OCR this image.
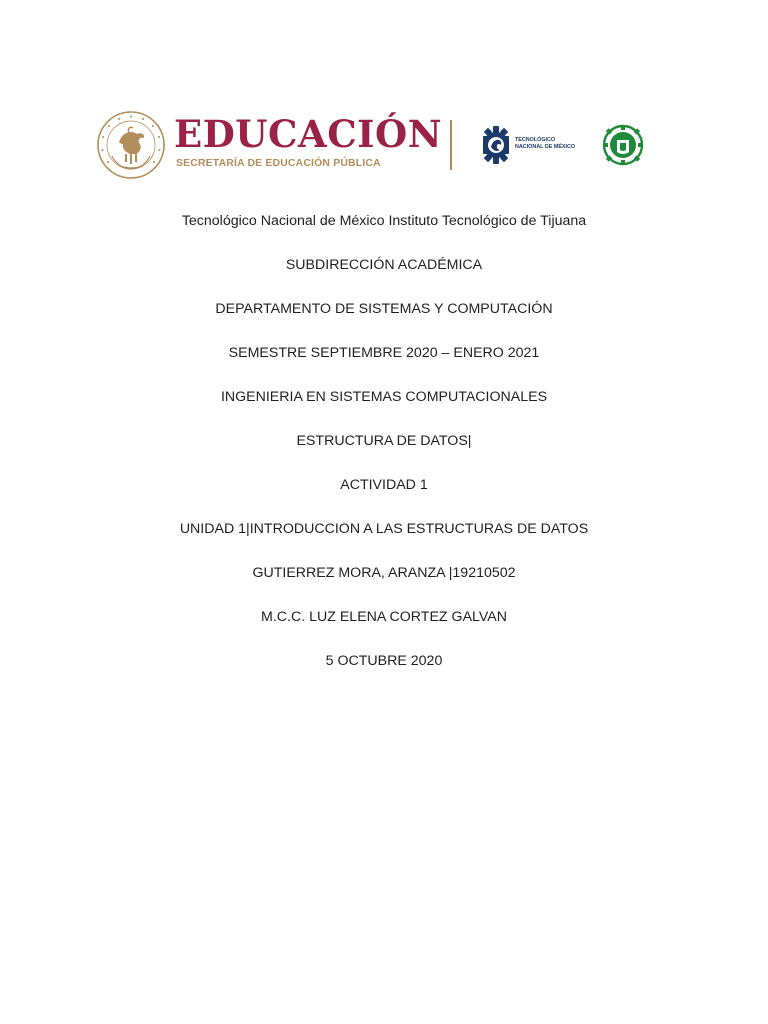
EDUCACIÓN
SECRETARÍA DE EDUCACIÓN PÚBLICA
TECNOLÓGICO
NACIONAL DE MÉXICO
Tecnológico Nacional de México Instituto Tecnológico de Tijuana
SUBDIRECCIÓN ACADÉMICA
DEPARTAMENTO DE SISTEMAS Y COMPUTACIÓN
SEMESTRE SEPTIEMBRE 2020 – ENERO 2021
INGENIERIA EN SISTEMAS COMPUTACIONALES
ESTRUCTURA DE DATOS|
ACTIVIDAD 1
UNIDAD 1|INTRODUCCION A LAS ESTRUCTURAS DE DATOS
GUTIERREZ MORA, ARANZA |19210502
M.C.C. LUZ ELENA CORTEZ GALVAN
5 OCTUBRE 2020
